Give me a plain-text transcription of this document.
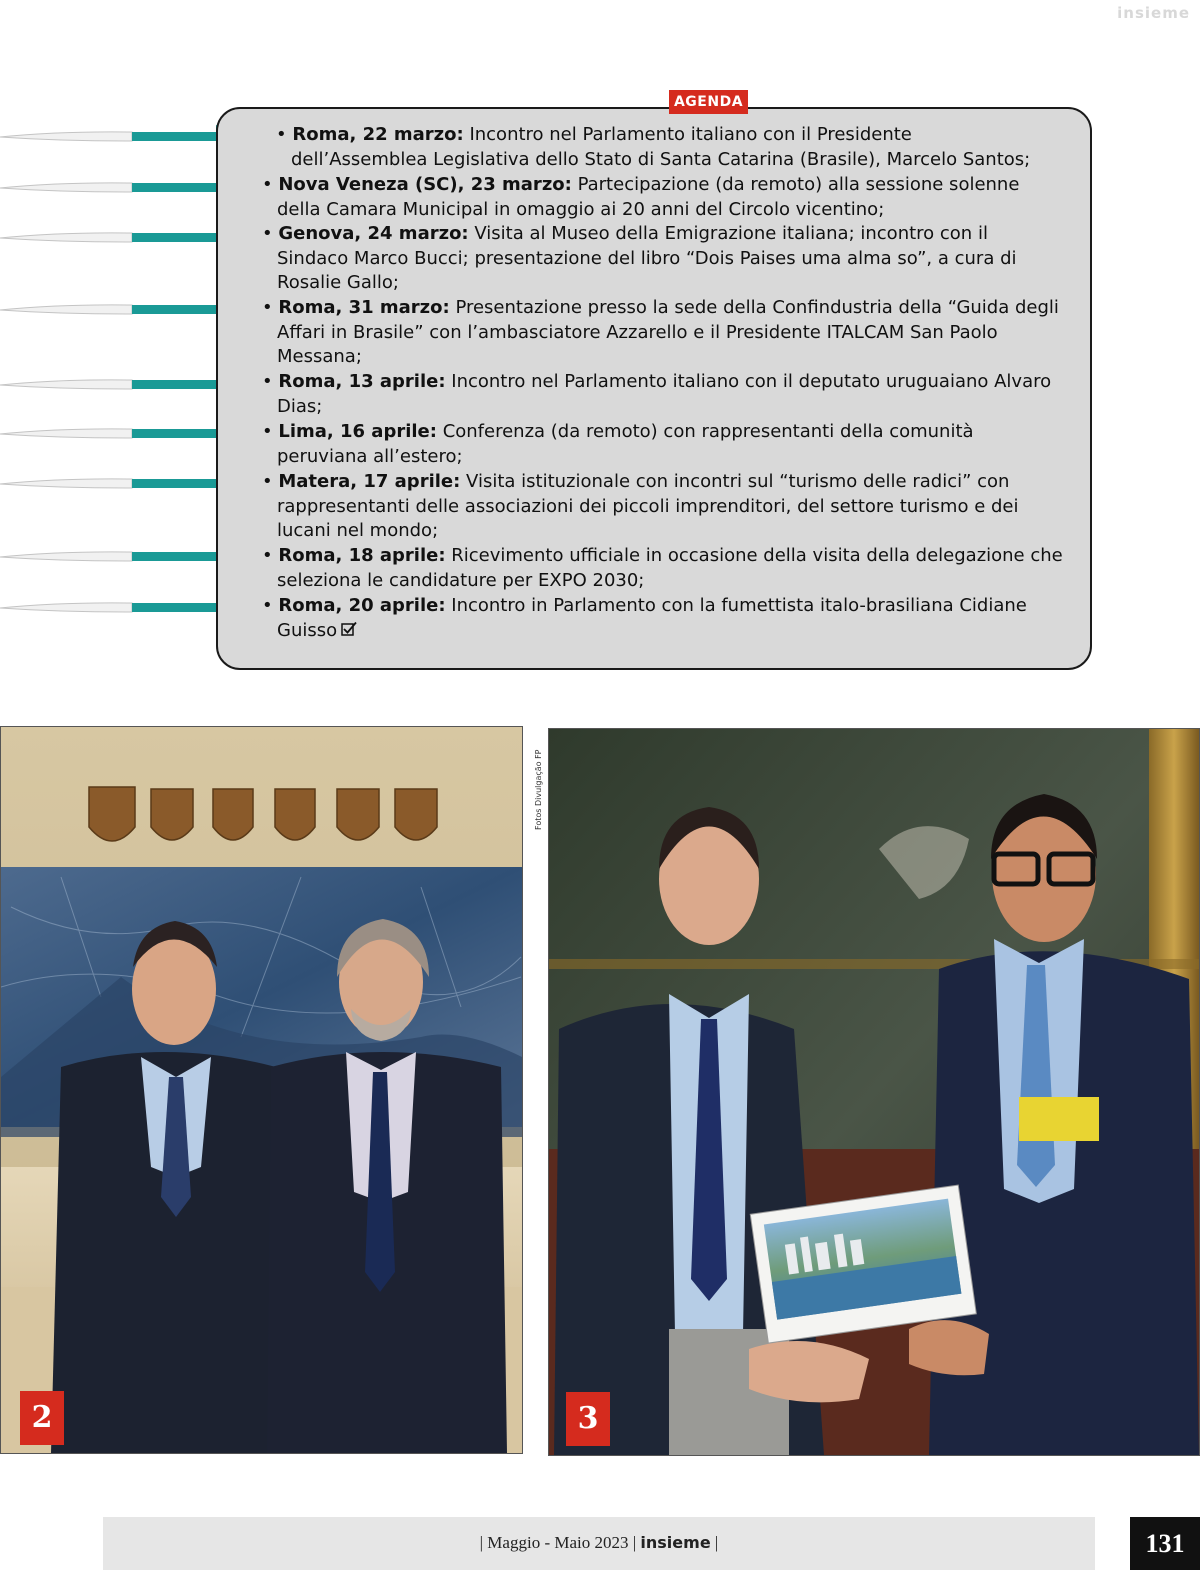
insieme
AGENDA
• Roma, 22 marzo: Incontro nel Parlamento italiano con il Presidente
dell’Assemblea Legislativa dello Stato di Santa Catarina (Brasile), Marcelo Santos;
• Nova Veneza (SC), 23 marzo: Partecipazione (da remoto) alla sessione solenne
della Camara Municipal in omaggio ai 20 anni del Circolo vicentino;
• Genova, 24 marzo: Visita al Museo della Emigrazione italiana; incontro con il
Sindaco Marco Bucci; presentazione del libro “Dois Paises uma alma so”, a cura di Rosalie Gallo;
• Roma, 31 marzo: Presentazione presso la sede della Confindustria della “Guida degli
Affari in Brasile” con l’ambasciatore Azzarello e il Presidente ITALCAM San Paolo Messana;
• Roma, 13 aprile: Incontro nel Parlamento italiano con il deputato uruguaiano Alvaro
Dias;
• Lima, 16 aprile: Conferenza (da remoto) con rappresentanti della comunità
peruviana all’estero;
• Matera, 17 aprile: Visita istituzionale con incontri sul “turismo delle radici” con
rappresentanti delle associazioni dei piccoli imprenditori, del settore turismo e dei lucani nel mondo;
• Roma, 18 aprile: Ricevimento ufficiale in occasione della visita della delegazione che
seleziona le candidature per EXPO 2030;
• Roma, 20 aprile: Incontro in Parlamento con la fumettista italo-brasiliana Cidiane
Guisso
2
Fotos Divulgação FP
3
| Maggio - Maio 2023 | insieme |	131
